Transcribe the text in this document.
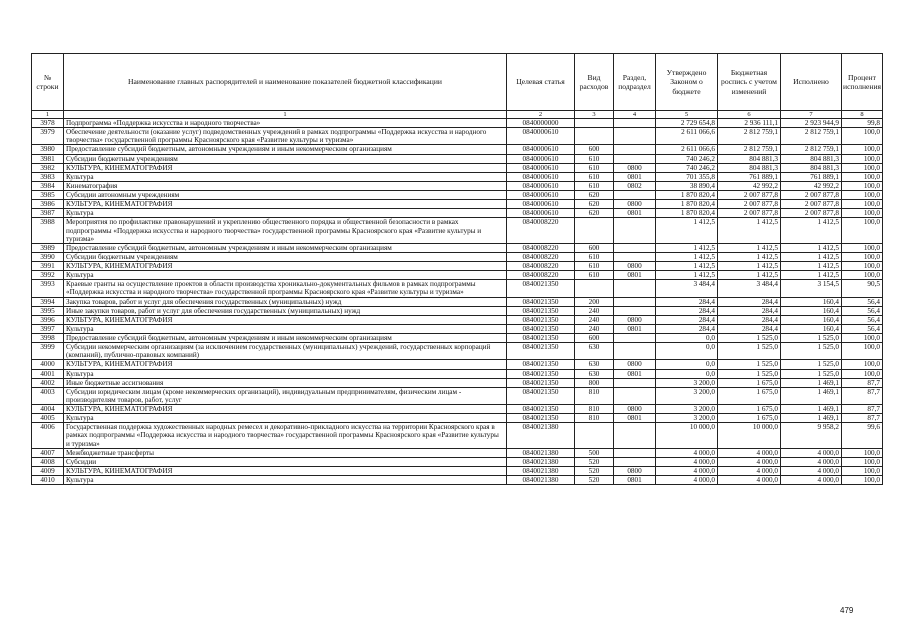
№ строки	Наименование главных распорядителей и наименование показателей бюджетной классификации	Целевая статья	Вид расходов	Раздел, подраздел	Утверждено Законом о бюджете	Бюджетная роспись с учетом изменений	Исполнено	Процент исполнения
1	1	2	3	4	5	6	7	8
3978	Подпрограмма «Поддержка искусства и народного творчества»	0840000000			2 729 654,8	2 936 111,1	2 923 944,9	99,8
3979	Обеспечение деятельности (оказание услуг) подведомственных учреждений в рамках подпрограммы «Поддержка искусства и народного творчества» государственной программы Красноярского края «Развитие культуры и туризма»	0840000610			2 611 066,6	2 812 759,1	2 812 759,1	100,0
3980	Предоставление субсидий бюджетным, автономным учреждениям и иным некоммерческим организациям	0840000610	600		2 611 066,6	2 812 759,1	2 812 759,1	100,0
3981	Субсидии бюджетным учреждениям	0840000610	610		740 246,2	804 881,3	804 881,3	100,0
3982	КУЛЬТУРА, КИНЕМАТОГРАФИЯ	0840000610	610	0800	740 246,2	804 881,3	804 881,3	100,0
3983	Культура	0840000610	610	0801	701 355,8	761 889,1	761 889,1	100,0
3984	Кинематография	0840000610	610	0802	38 890,4	42 992,2	42 992,2	100,0
3985	Субсидии автономным учреждениям	0840000610	620		1 870 820,4	2 007 877,8	2 007 877,8	100,0
3986	КУЛЬТУРА, КИНЕМАТОГРАФИЯ	0840000610	620	0800	1 870 820,4	2 007 877,8	2 007 877,8	100,0
3987	Культура	0840000610	620	0801	1 870 820,4	2 007 877,8	2 007 877,8	100,0
3988	Мероприятия по профилактике правонарушений и укреплению общественного порядка и общественной безопасности в рамках подпрограммы «Поддержка искусства и народного творчества» государственной программы Красноярского края «Развитие культуры и туризма»	0840008220			1 412,5	1 412,5	1 412,5	100,0
3989	Предоставление субсидий бюджетным, автономным учреждениям и иным некоммерческим организациям	0840008220	600		1 412,5	1 412,5	1 412,5	100,0
3990	Субсидии бюджетным учреждениям	0840008220	610		1 412,5	1 412,5	1 412,5	100,0
3991	КУЛЬТУРА, КИНЕМАТОГРАФИЯ	0840008220	610	0800	1 412,5	1 412,5	1 412,5	100,0
3992	Культура	0840008220	610	0801	1 412,5	1 412,5	1 412,5	100,0
3993	Краевые гранты на осуществление проектов в области производства хроникально-документальных фильмов в рамках подпрограммы «Поддержка искусства и народного творчества» государственной программы Красноярского края «Развитие культуры и туризма»	0840021350			3 484,4	3 484,4	3 154,5	90,5
3994	Закупка товаров, работ и услуг для обеспечения государственных (муниципальных) нужд	0840021350	200		284,4	284,4	160,4	56,4
3995	Иные закупки товаров, работ и услуг для обеспечения государственных (муниципальных) нужд	0840021350	240		284,4	284,4	160,4	56,4
3996	КУЛЬТУРА, КИНЕМАТОГРАФИЯ	0840021350	240	0800	284,4	284,4	160,4	56,4
3997	Культура	0840021350	240	0801	284,4	284,4	160,4	56,4
3998	Предоставление субсидий бюджетным, автономным учреждениям и иным некоммерческим организациям	0840021350	600		0,0	1 525,0	1 525,0	100,0
3999	Субсидии некоммерческим организациям (за исключением государственных (муниципальных) учреждений, государственных корпораций (компаний), публично-правовых компаний)	0840021350	630		0,0	1 525,0	1 525,0	100,0
4000	КУЛЬТУРА, КИНЕМАТОГРАФИЯ	0840021350	630	0800	0,0	1 525,0	1 525,0	100,0
4001	Культура	0840021350	630	0801	0,0	1 525,0	1 525,0	100,0
4002	Иные бюджетные ассигнования	0840021350	800		3 200,0	1 675,0	1 469,1	87,7
4003	Субсидии юридическим лицам (кроме некоммерческих организаций), индивидуальным предпринимателям, физическим лицам - производителям товаров, работ, услуг	0840021350	810		3 200,0	1 675,0	1 469,1	87,7
4004	КУЛЬТУРА, КИНЕМАТОГРАФИЯ	0840021350	810	0800	3 200,0	1 675,0	1 469,1	87,7
4005	Культура	0840021350	810	0801	3 200,0	1 675,0	1 469,1	87,7
4006	Государственная поддержка художественных народных ремесел и декоративно-прикладного искусства на территории Красноярского края в рамках подпрограммы «Поддержка искусства и народного творчества» государственной программы Красноярского края «Развитие культуры и туризма»	0840021380			10 000,0	10 000,0	9 958,2	99,6
4007	Межбюджетные трансферты	0840021380	500		4 000,0	4 000,0	4 000,0	100,0
4008	Субсидии	0840021380	520		4 000,0	4 000,0	4 000,0	100,0
4009	КУЛЬТУРА, КИНЕМАТОГРАФИЯ	0840021380	520	0800	4 000,0	4 000,0	4 000,0	100,0
4010	Культура	0840021380	520	0801	4 000,0	4 000,0	4 000,0	100,0
479
